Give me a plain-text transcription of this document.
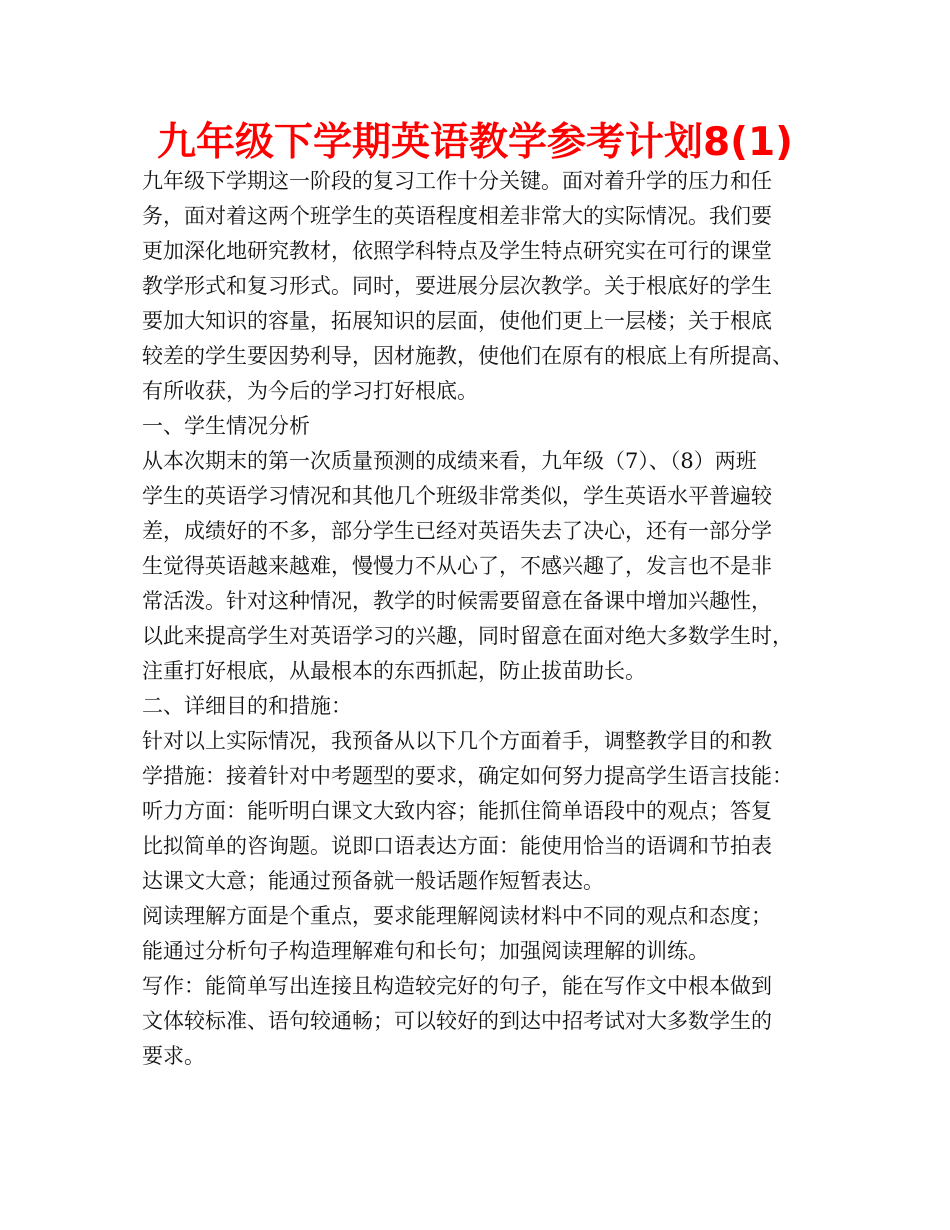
九年级下学期英语教学参考计划8(1)
九年级下学期这一阶段的复习工作十分关键。面对着升学的压力和任
务，面对着这两个班学生的英语程度相差非常大的实际情况。我们要
更加深化地研究教材，依照学科特点及学生特点研究实在可行的课堂
教学形式和复习形式。同时，要进展分层次教学。关于根底好的学生
要加大知识的容量，拓展知识的层面，使他们更上一层楼；关于根底
较差的学生要因势利导，因材施教，使他们在原有的根底上有所提高、
有所收获，为今后的学习打好根底。
一、学生情况分析
从本次期末的第一次质量预测的成绩来看，九年级（7）、（8）两班
学生的英语学习情况和其他几个班级非常类似，学生英语水平普遍较
差，成绩好的不多，部分学生已经对英语失去了决心，还有一部分学
生觉得英语越来越难，慢慢力不从心了，不感兴趣了，发言也不是非
常活泼。针对这种情况，教学的时候需要留意在备课中增加兴趣性，
以此来提高学生对英语学习的兴趣，同时留意在面对绝大多数学生时，
注重打好根底，从最根本的东西抓起，防止拔苗助长。
二、详细目的和措施：
针对以上实际情况，我预备从以下几个方面着手，调整教学目的和教
学措施：接着针对中考题型的要求，确定如何努力提高学生语言技能：
听力方面：能听明白课文大致内容；能抓住简单语段中的观点；答复
比拟简单的咨询题。说即口语表达方面：能使用恰当的语调和节拍表
达课文大意；能通过预备就一般话题作短暂表达。
阅读理解方面是个重点，要求能理解阅读材料中不同的观点和态度；
能通过分析句子构造理解难句和长句；加强阅读理解的训练。
写作：能简单写出连接且构造较完好的句子，能在写作文中根本做到
文体较标准、语句较通畅；可以较好的到达中招考试对大多数学生的
要求。
